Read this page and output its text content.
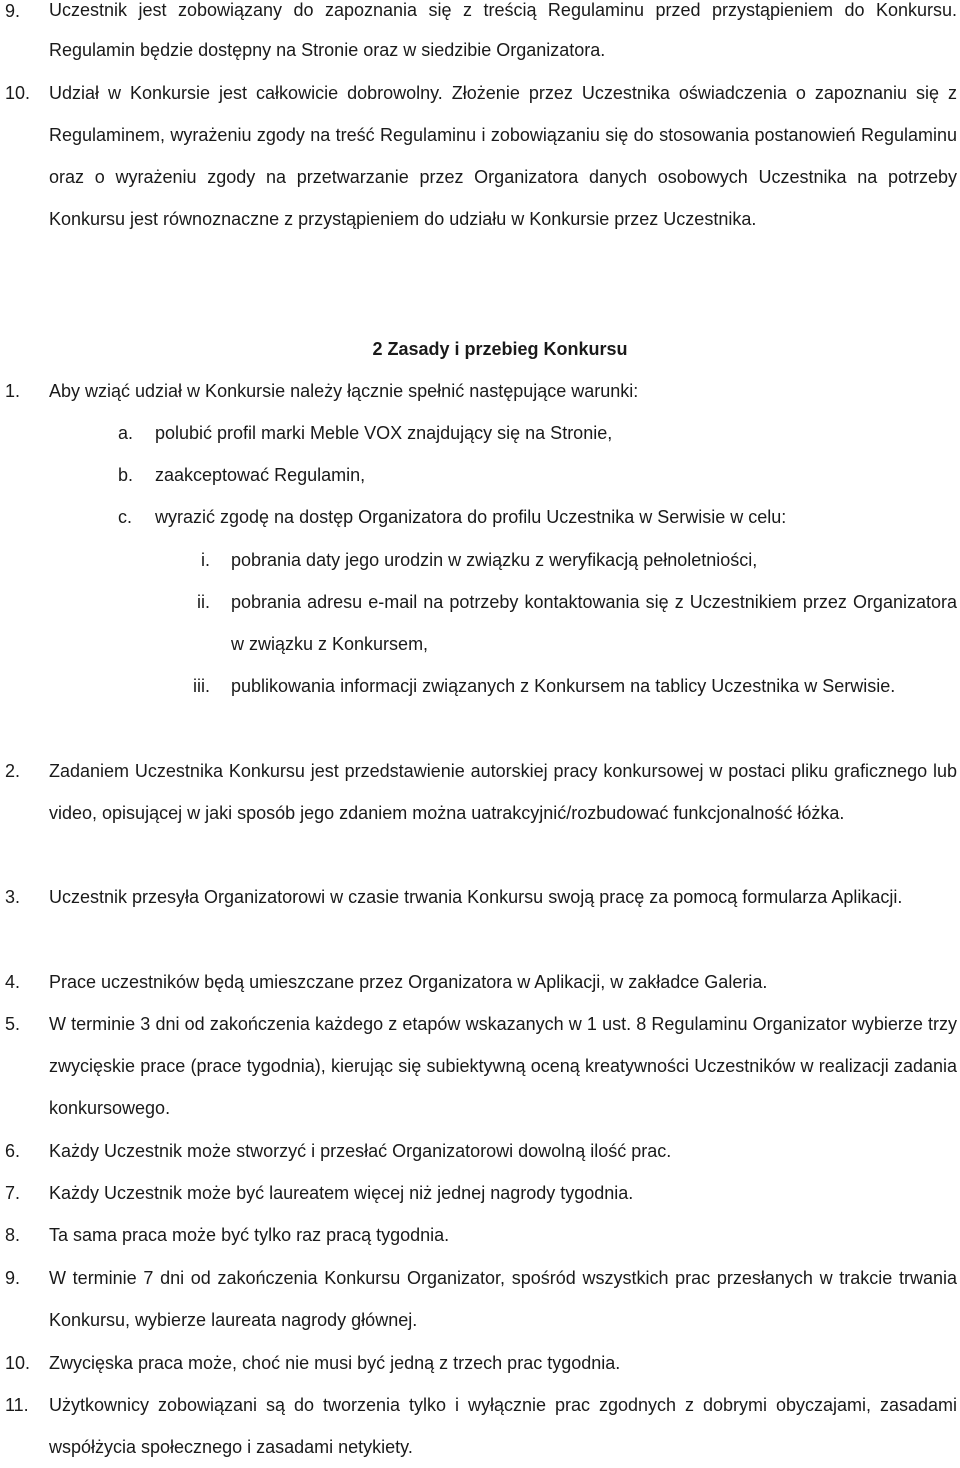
9. Uczestnik jest zobowiązany do zapoznania się z treścią Regulaminu przed przystąpieniem do Konkursu. Regulamin będzie dostępny na Stronie oraz w siedzibie Organizatora.
10. Udział w Konkursie jest całkowicie dobrowolny. Złożenie przez Uczestnika oświadczenia o zapoznaniu się z Regulaminem, wyrażeniu zgody na treść Regulaminu i zobowiązaniu się do stosowania postanowień Regulaminu oraz o wyrażeniu zgody na przetwarzanie przez Organizatora danych osobowych Uczestnika na potrzeby Konkursu jest równoznaczne z przystąpieniem do udziału w Konkursie przez Uczestnika.
2 Zasady i przebieg Konkursu
1. Aby wziąć udział w Konkursie należy łącznie spełnić następujące warunki:
a. polubić profil marki Meble VOX znajdujący się na Stronie,
b. zaakceptować Regulamin,
c. wyrazić zgodę na dostęp Organizatora do profilu Uczestnika w Serwisie w celu:
i. pobrania daty jego urodzin w związku z weryfikacją pełnoletniości,
ii. pobrania adresu e-mail na potrzeby kontaktowania się z Uczestnikiem przez Organizatora w związku z Konkursem,
iii. publikowania informacji związanych z Konkursem na tablicy Uczestnika w Serwisie.
2. Zadaniem Uczestnika Konkursu jest przedstawienie autorskiej pracy konkursowej w postaci pliku graficznego lub video, opisującej w jaki sposób jego zdaniem można uatrakcyjnić/rozbudować funkcjonalność łóżka.
3. Uczestnik przesyła Organizatorowi w czasie trwania Konkursu swoją pracę za pomocą formularza Aplikacji.
4. Prace uczestników będą umieszczane przez Organizatora w Aplikacji, w zakładce Galeria.
5. W terminie 3 dni od zakończenia każdego z etapów wskazanych w 1 ust. 8 Regulaminu Organizator wybierze trzy zwycięskie prace (prace tygodnia), kierując się subiektywną oceną kreatywności Uczestników w realizacji zadania konkursowego.
6. Każdy Uczestnik może stworzyć i przesłać Organizatorowi dowolną ilość prac.
7. Każdy Uczestnik może być laureatem więcej niż jednej nagrody tygodnia.
8. Ta sama praca może być tylko raz pracą tygodnia.
9. W terminie 7 dni od zakończenia Konkursu Organizator, spośród wszystkich prac przesłanych w trakcie trwania Konkursu, wybierze laureata nagrody głównej.
10. Zwycięska praca może, choć nie musi być jedną z trzech prac tygodnia.
11. Użytkownicy zobowiązani są do tworzenia tylko i wyłącznie prac zgodnych z dobrymi obyczajami, zasadami współżycia społecznego i zasadami netykiety.
